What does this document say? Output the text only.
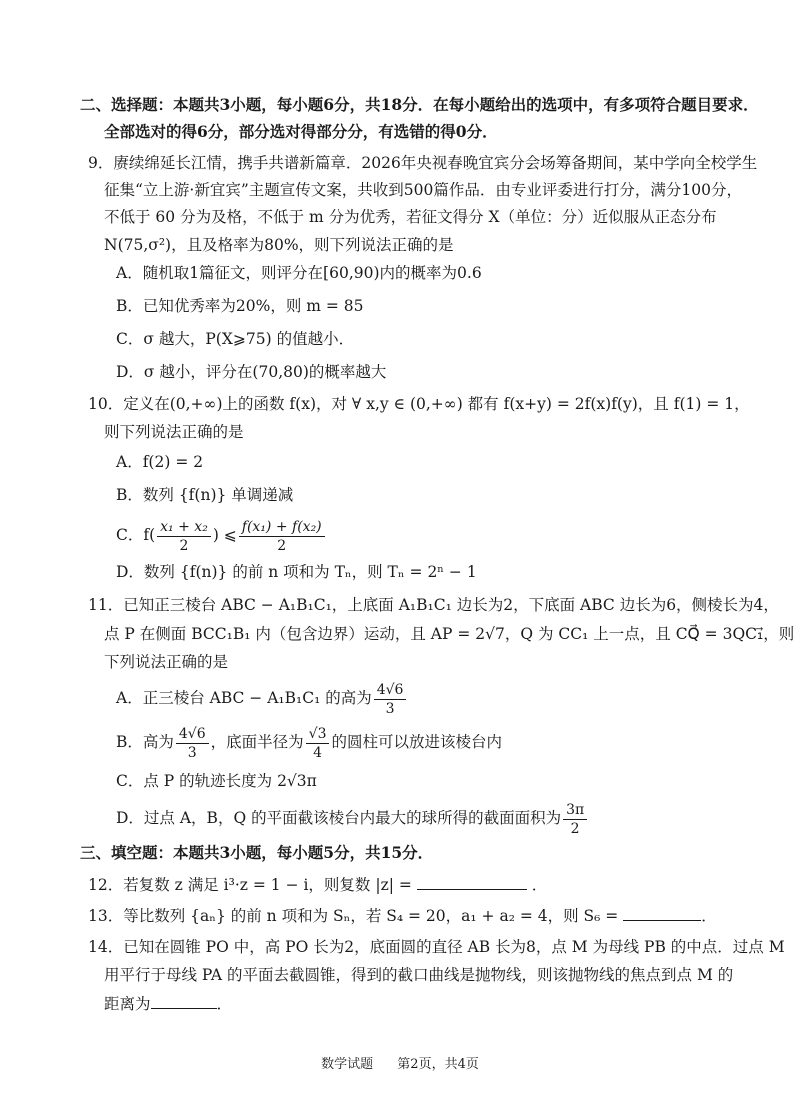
二、选择题：本题共3小题，每小题6分，共18分．在每小题给出的选项中，有多项符合题目要求．
全部选对的得6分，部分选对得部分分，有选错的得0分．
9．赓续绵延长江情，携手共谱新篇章．2026年央视春晚宜宾分会场筹备期间，某中学向全校学生
征集“立上游·新宜宾”主题宣传文案，共收到500篇作品．由专业评委进行打分，满分100分，
不低于 60 分为及格，不低于 m 分为优秀，若征文得分 X（单位：分）近似服从正态分布
N(75,σ²)，且及格率为80%，则下列说法正确的是
A．随机取1篇征文，则评分在[60,90)内的概率为0.6
B．已知优秀率为20%，则 m = 85
C．σ 越大，P(X⩾75) 的值越小．
D．σ 越小，评分在(70,80)的概率越大
10．定义在(0,+∞)上的函数 f(x)，对 ∀ x,y ∈ (0,+∞) 都有 f(x+y) = 2f(x)f(y)，且 f(1) = 1，
则下列说法正确的是
A．f(2) = 2
B．数列 {f(n)} 单调递减
C．$f( \frac{\text{x₁ + x₂}}{2}$ ) ⩽ $\frac{\text{f(x₁) + f(x₂)}}{2}$
D．数列 {f(n)} 的前 n 项和为 Tₙ，则 Tₙ = 2ⁿ − 1
11．已知正三棱台 ABC − A₁B₁C₁，上底面 A₁B₁C₁ 边长为2，下底面 ABC 边长为6，侧棱长为4，
点 P 在侧面 BCC₁B₁ 内（包含边界）运动，且 AP = 2√7，Q 为 CC₁ 上一点，且 CQ⃗ = 3QC₁⃗，则
下列说法正确的是
A．正三棱台 ABC − A₁B₁C₁ 的高为 $\frac{4√6}{3}$
B．高为 $\frac{4√6}{3}$ ，底面半径为 $\frac{√3}{4}$ 的圆柱可以放进该棱台内
C．点 P 的轨迹长度为 2√3π
D．过点 A，B，Q 的平面截该棱台内最大的球所得的截面面积为 $\frac{3\pi}{2}$
三、填空题：本题共3小题，每小题5分，共15分．
12．若复数 z 满足 i³·z = 1 − i，则复数 |z| =	．
13．等比数列 {aₙ} 的前 n 项和为 Sₙ，若 S₄ = 20，a₁ + a₂ = 4，则 S₆ =	．
14．已知在圆锥 PO 中，高 PO 长为2，底面圆的直径 AB 长为8，点 M 为母线 PB 的中点．过点 M
用平行于母线 PA 的平面去截圆锥，得到的截口曲线是抛物线，则该抛物线的焦点到点 M 的
距离为	．
数学试题 第2页，共4页
